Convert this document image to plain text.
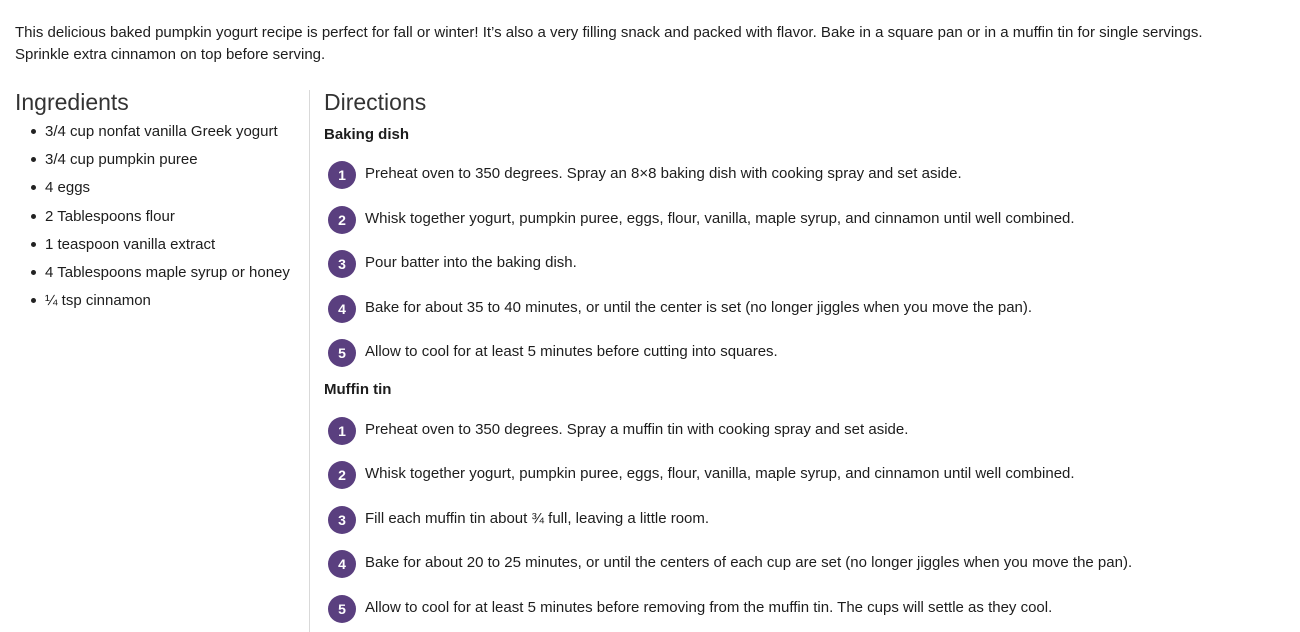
This delicious baked pumpkin yogurt recipe is perfect for fall or winter! It’s also a very filling snack and packed with flavor. Bake in a square pan or in a muffin tin for single servings.
Sprinkle extra cinnamon on top before serving.

Ingredients
3/4 cup nonfat vanilla Greek yogurt
3/4 cup pumpkin puree
4 eggs
2 Tablespoons flour
1 teaspoon vanilla extract
4 Tablespoons maple syrup or honey
¼ tsp cinnamon
Directions
Baking dish
1	Preheat oven to 350 degrees. Spray an 8×8 baking dish with cooking spray and set aside.
2	Whisk together yogurt, pumpkin puree, eggs, flour, vanilla, maple syrup, and cinnamon until well combined.
3	Pour batter into the baking dish.
4	Bake for about 35 to 40 minutes, or until the center is set (no longer jiggles when you move the pan).
5	Allow to cool for at least 5 minutes before cutting into squares.
Muffin tin
1	Preheat oven to 350 degrees. Spray a muffin tin with cooking spray and set aside.
2	Whisk together yogurt, pumpkin puree, eggs, flour, vanilla, maple syrup, and cinnamon until well combined.
3	Fill each muffin tin about ¾ full, leaving a little room.
4	Bake for about 20 to 25 minutes, or until the centers of each cup are set (no longer jiggles when you move the pan).
5	Allow to cool for at least 5 minutes before removing from the muffin tin. The cups will settle as they cool.
